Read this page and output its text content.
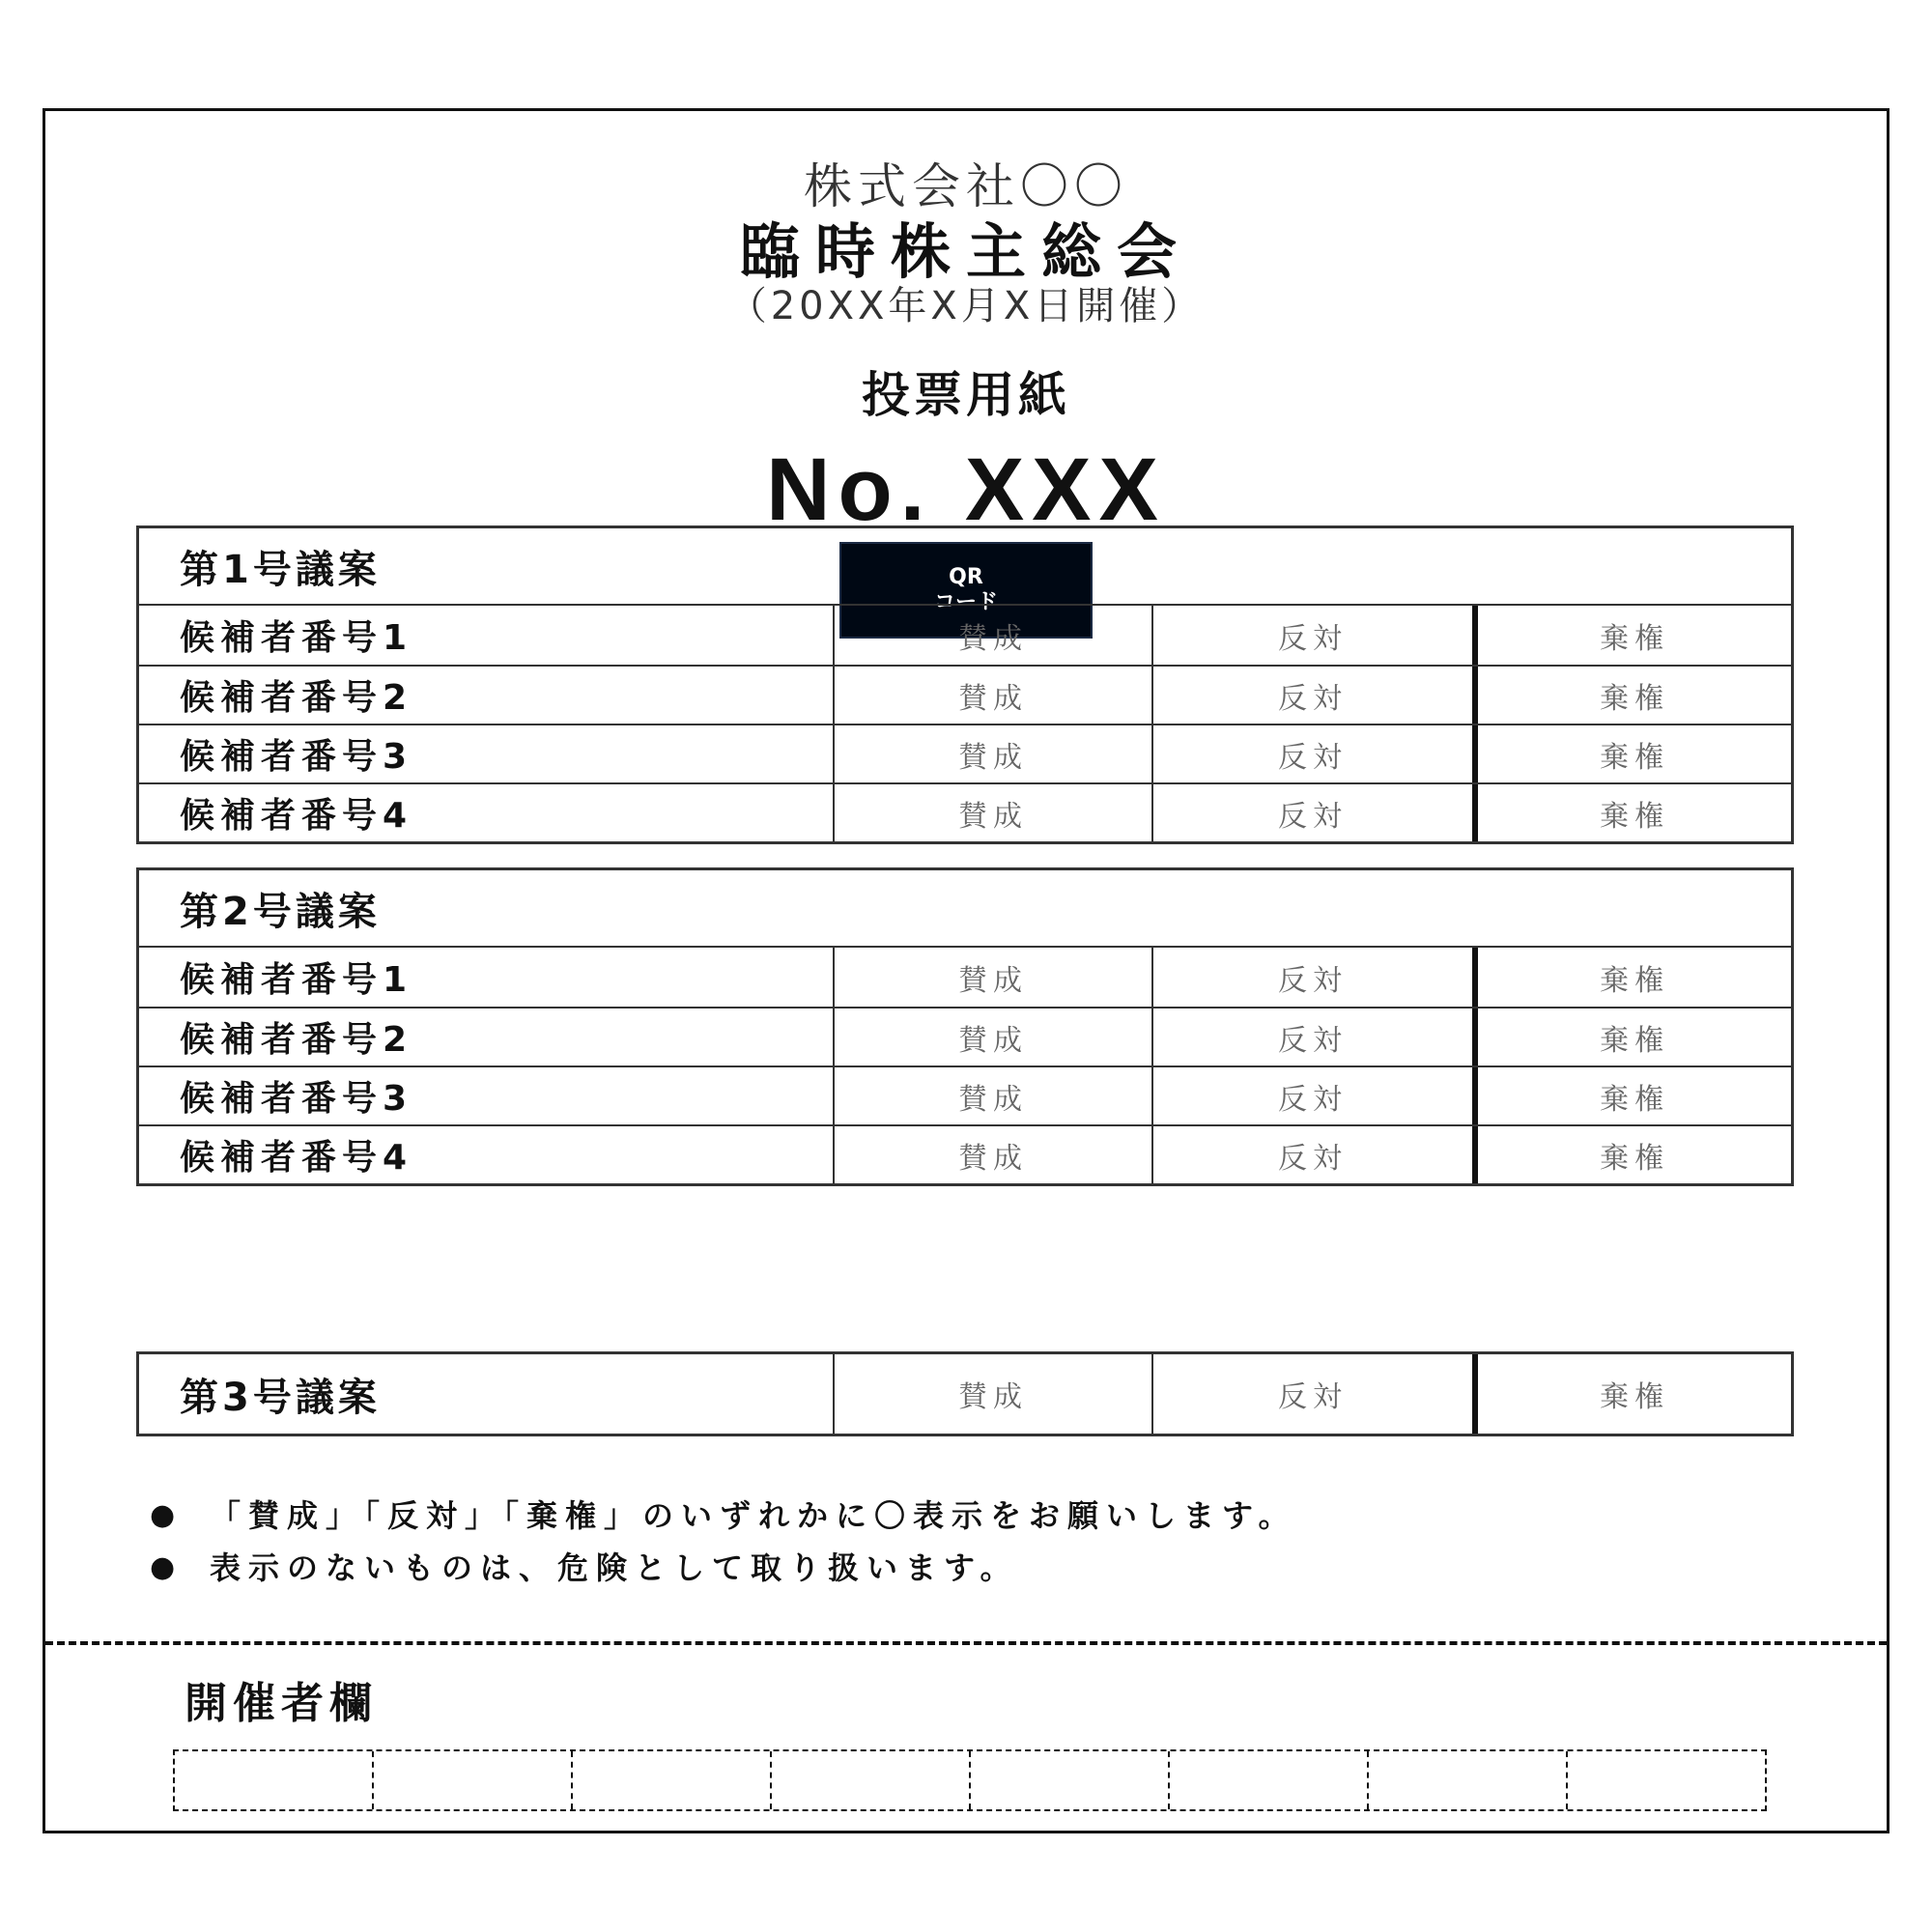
株式会社〇〇
臨時株主総会
（20XX年X月X日開催）
投票用紙
No. XXX
QR
コード
第1号議案
候補者番号1	賛成	反対	棄権
候補者番号2	賛成	反対	棄権
候補者番号3	賛成	反対	棄権
候補者番号4	賛成	反対	棄権
第2号議案
候補者番号1	賛成	反対	棄権
候補者番号2	賛成	反対	棄権
候補者番号3	賛成	反対	棄権
候補者番号4	賛成	反対	棄権
第3号議案	賛成	反対	棄権
● 「賛成」「反対」「棄権」のいずれかに〇表示をお願いします。
● 表示のないものは、危険として取り扱います。
開催者欄
